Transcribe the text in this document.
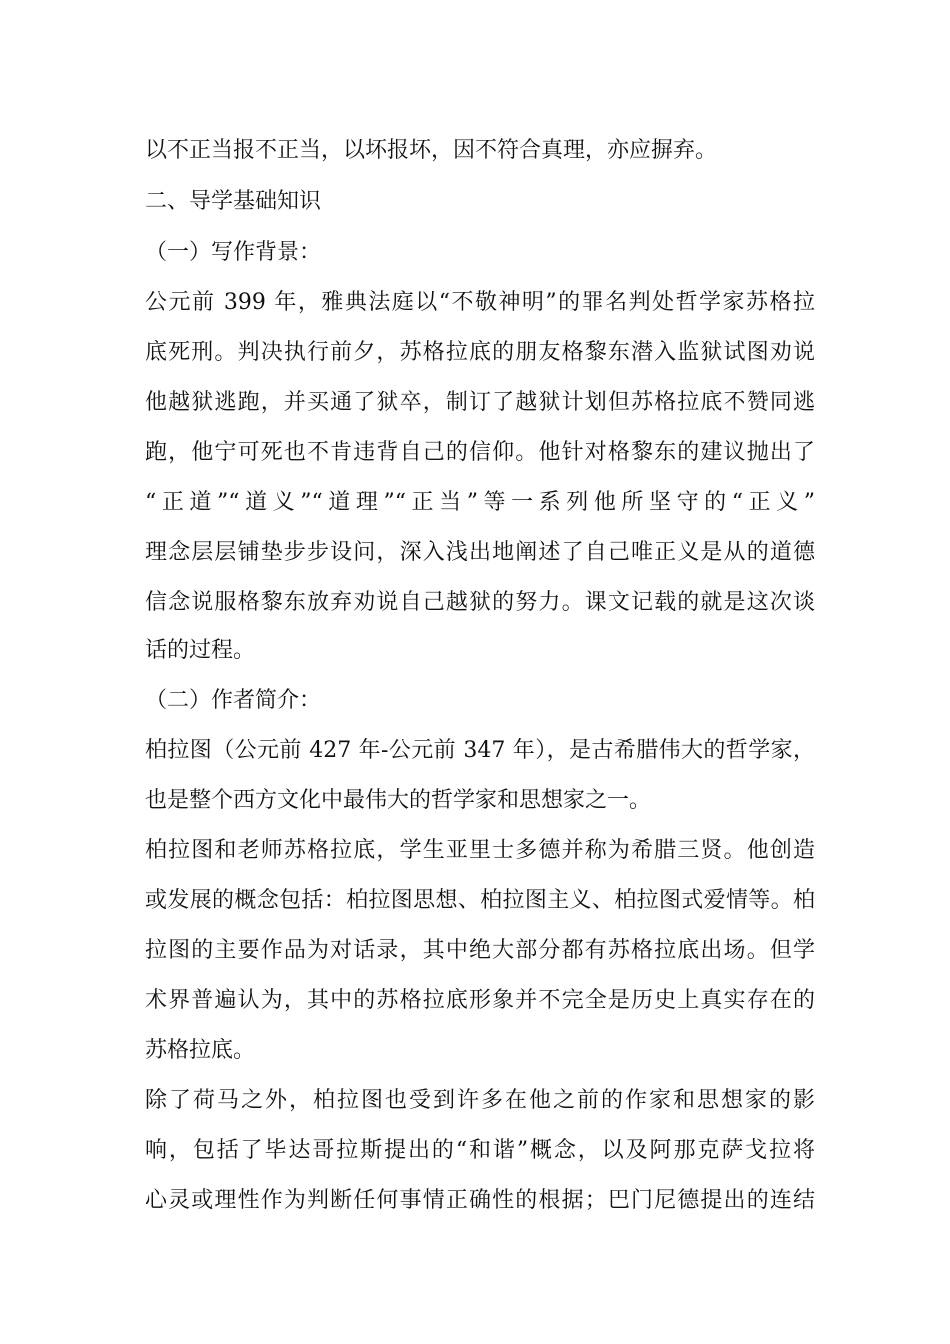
以不正当报不正当，以坏报坏，因不符合真理，亦应摒弃。
二、导学基础知识
（一）写作背景：
公元前 399 年，雅典法庭以“不敬神明”的罪名判处哲学家苏格拉
底死刑。判决执行前夕，苏格拉底的朋友格黎东潜入监狱试图劝说
他越狱逃跑，并买通了狱卒，制订了越狱计划但苏格拉底不赞同逃
跑，他宁可死也不肯违背自己的信仰。他针对格黎东的建议抛出了
“正道”“道义”“道理”“正当”等一系列他所坚守的“正义”
理念层层铺垫步步设问，深入浅出地阐述了自己唯正义是从的道德
信念说服格黎东放弃劝说自己越狱的努力。课文记载的就是这次谈
话的过程。
（二）作者简介：
柏拉图（公元前 427 年-公元前 347 年），是古希腊伟大的哲学家，
也是整个西方文化中最伟大的哲学家和思想家之一。
柏拉图和老师苏格拉底，学生亚里士多德并称为希腊三贤。他创造
或发展的概念包括：柏拉图思想、柏拉图主义、柏拉图式爱情等。柏
拉图的主要作品为对话录，其中绝大部分都有苏格拉底出场。但学
术界普遍认为，其中的苏格拉底形象并不完全是历史上真实存在的
苏格拉底。
除了荷马之外，柏拉图也受到许多在他之前的作家和思想家的影
响，包括了毕达哥拉斯提出的“和谐”概念，以及阿那克萨戈拉将
心灵或理性作为判断任何事情正确性的根据；巴门尼德提出的连结
